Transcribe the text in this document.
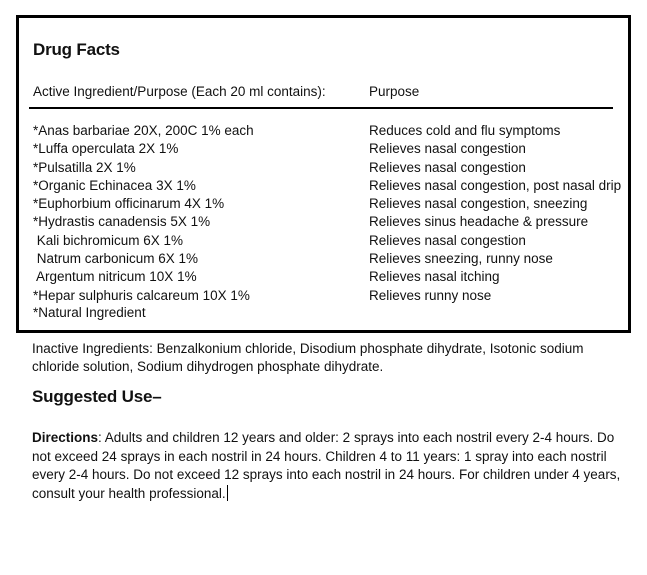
Drug Facts
Active Ingredient/Purpose (Each 20 ml contains):	Purpose
*Anas barbariae 20X, 200C 1% each	Reduces cold and flu symptoms
*Luffa operculata 2X 1%	Relieves nasal congestion
*Pulsatilla 2X 1%	Relieves nasal congestion
*Organic Echinacea 3X 1%	Relieves nasal congestion, post nasal drip
*Euphorbium officinarum 4X 1%	Relieves nasal congestion, sneezing
*Hydrastis canadensis 5X 1%	Relieves sinus headache & pressure
Kali bichromicum 6X 1%	Relieves nasal congestion
Natrum carbonicum 6X 1%	Relieves sneezing, runny nose
Argentum nitricum 10X 1%	Relieves nasal itching
*Hepar sulphuris calcareum 10X 1%	Relieves runny nose
*Natural Ingredient
Inactive Ingredients: Benzalkonium chloride, Disodium phosphate dihydrate, Isotonic sodium chloride solution, Sodium dihydrogen phosphate dihydrate.
Suggested Use–
Directions: Adults and children 12 years and older: 2 sprays into each nostril every 2-4 hours. Do not exceed 24 sprays in each nostril in 24 hours. Children 4 to 11 years: 1 spray into each nostril every 2-4 hours. Do not exceed 12 sprays into each nostril in 24 hours. For children under 4 years, consult your health professional.
